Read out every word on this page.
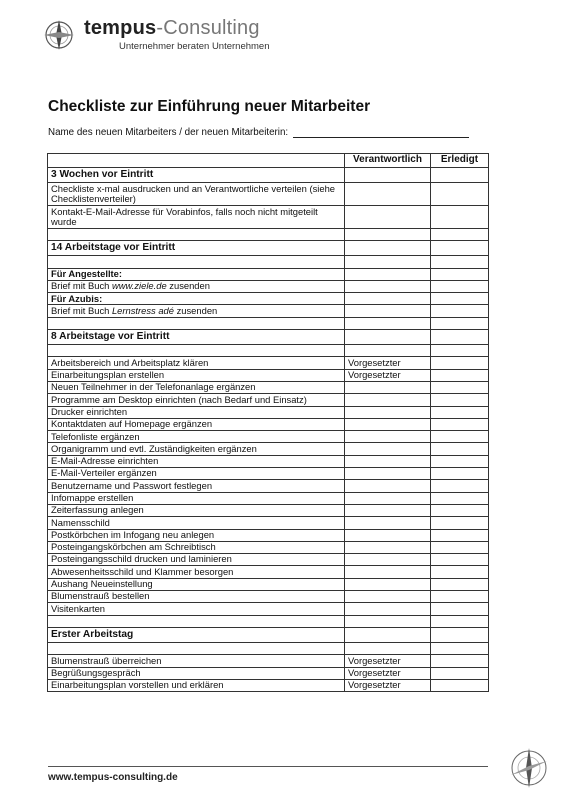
tempus-Consulting
Unternehmer beraten Unternehmen
Checkliste zur Einführung neuer Mitarbeiter
Name des neuen Mitarbeiters / der neuen Mitarbeiterin:
	Verantwortlich	Erledigt
3 Wochen vor Eintritt		
Checkliste x-mal ausdrucken und an Verantwortliche verteilen (siehe Checklistenverteiler)		
Kontakt-E-Mail-Adresse für Vorabinfos, falls noch nicht mitgeteilt wurde		

14 Arbeitstage vor Eintritt		

Für Angestellte:		
Brief mit Buch www.ziele.de zusenden		
Für Azubis:		
Brief mit Buch Lernstress adé zusenden		

8 Arbeitstage vor Eintritt		

Arbeitsbereich und Arbeitsplatz klären	Vorgesetzter	
Einarbeitungsplan erstellen	Vorgesetzter	
Neuen Teilnehmer in der Telefonanlage ergänzen		
Programme am Desktop einrichten (nach Bedarf und Einsatz)		
Drucker einrichten		
Kontaktdaten auf Homepage ergänzen		
Telefonliste ergänzen		
Organigramm und evtl. Zuständigkeiten ergänzen		
E-Mail-Adresse einrichten		
E-Mail-Verteiler ergänzen		
Benutzername und Passwort festlegen		
Infomappe erstellen		
Zeiterfassung anlegen		
Namensschild		
Postkörbchen im Infogang neu anlegen		
Posteingangskörbchen am Schreibtisch		
Posteingangsschild drucken und laminieren		
Abwesenheitsschild und Klammer besorgen		
Aushang Neueinstellung		
Blumenstrauß bestellen		
Visitenkarten		

Erster Arbeitstag		

Blumenstrauß überreichen	Vorgesetzter	
Begrüßungsgespräch	Vorgesetzter	
Einarbeitungsplan vorstellen und erklären	Vorgesetzter	
www.tempus-consulting.de
